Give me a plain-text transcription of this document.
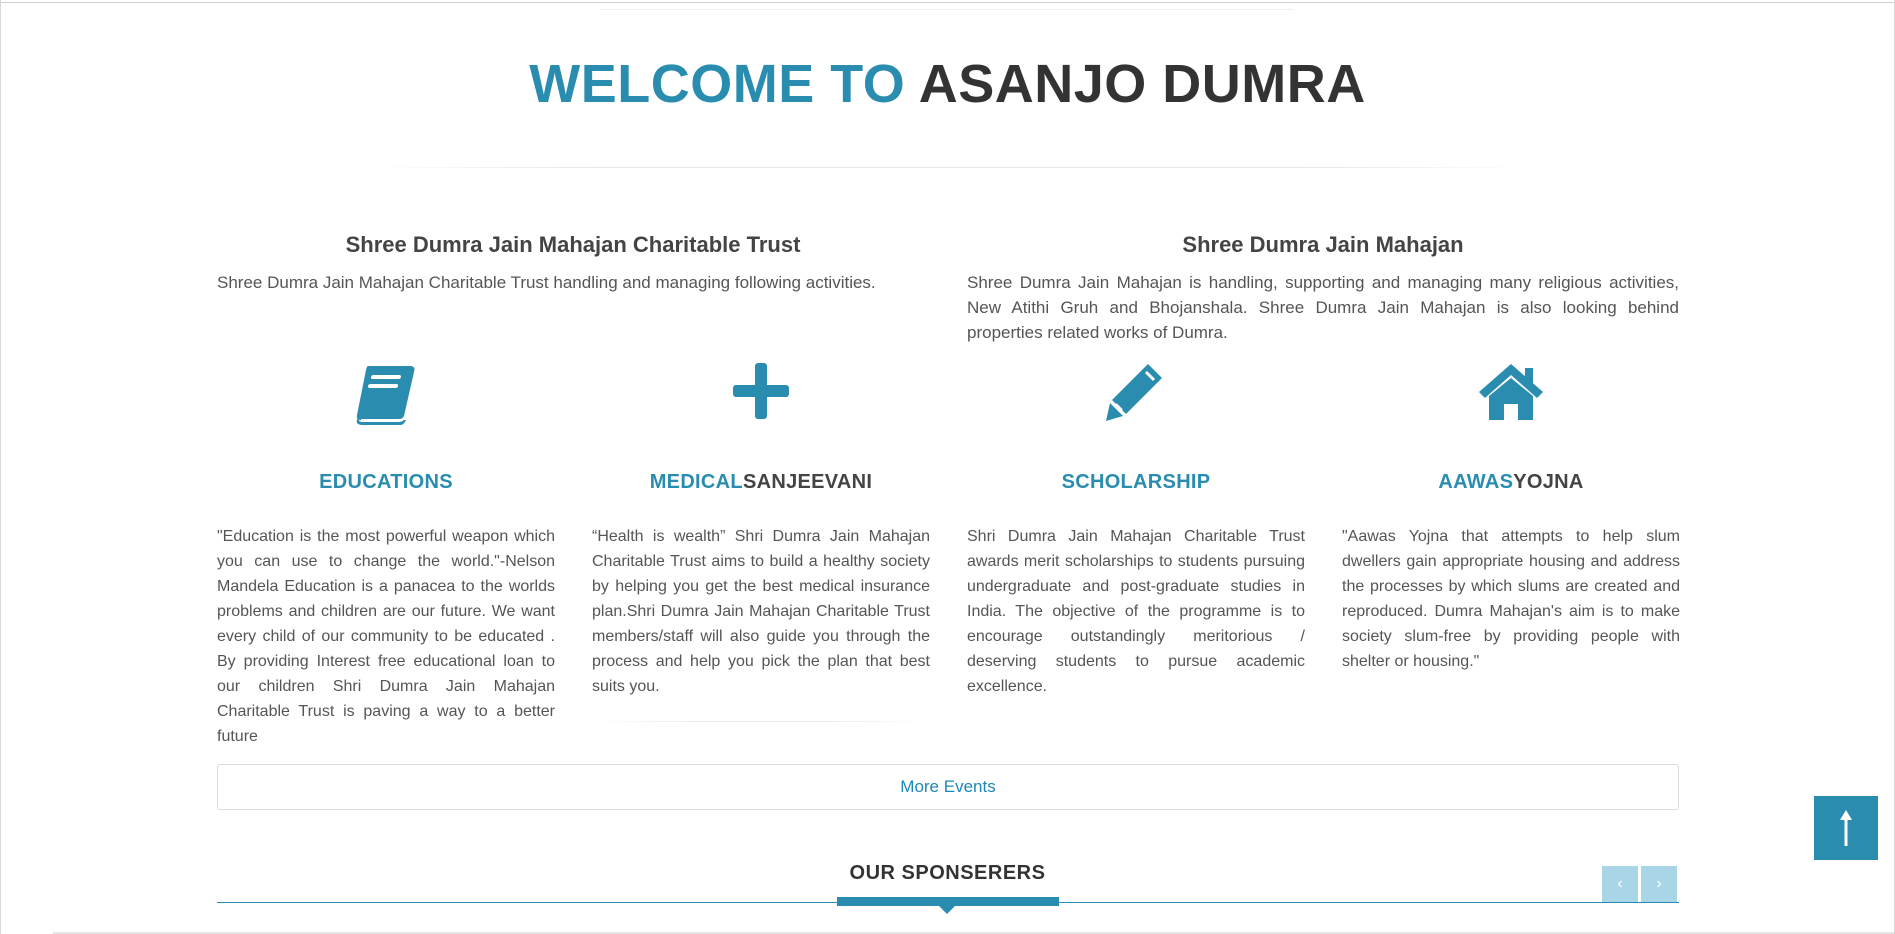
WELCOME TO ASANJO DUMRA
Shree Dumra Jain Mahajan Charitable Trust

Shree Dumra Jain Mahajan Charitable Trust handling and managing following activities.

Shree Dumra Jain Mahajan

Shree Dumra Jain Mahajan is handling, supporting and managing many religious activities, New Atithi Gruh and Bhojanshala. Shree Dumra Jain Mahajan is also looking behind properties related works of Dumra.

EDUCATIONS

"Education is the most powerful weapon which you can use to change the world."-Nelson Mandela Education is a panacea to the worlds problems and children are our future. We want every child of our community to be educated . By providing Interest free educational loan to our children Shri Dumra Jain Mahajan Charitable Trust is paving a way to a better future

MEDICALSANJEEVANI

“Health is wealth” Shri Dumra Jain Mahajan Charitable Trust aims to build a healthy society by helping you get the best medical insurance plan.Shri Dumra Jain Mahajan Charitable Trust members/staff will also guide you through the process and help you pick the plan that best suits you.

SCHOLARSHIP

Shri Dumra Jain Mahajan Charitable Trust awards merit scholarships to students pursuing undergraduate and post-graduate studies in India. The objective of the programme is to encourage outstandingly meritorious / deserving students to pursue academic excellence.

AAWASYOJNA

"Aawas Yojna that attempts to help slum dwellers gain appropriate housing and address the processes by which slums are created and reproduced. Dumra Mahajan's aim is to make society slum-free by providing people with shelter or housing."

More Events
OUR SPONSERERS	‹	›
